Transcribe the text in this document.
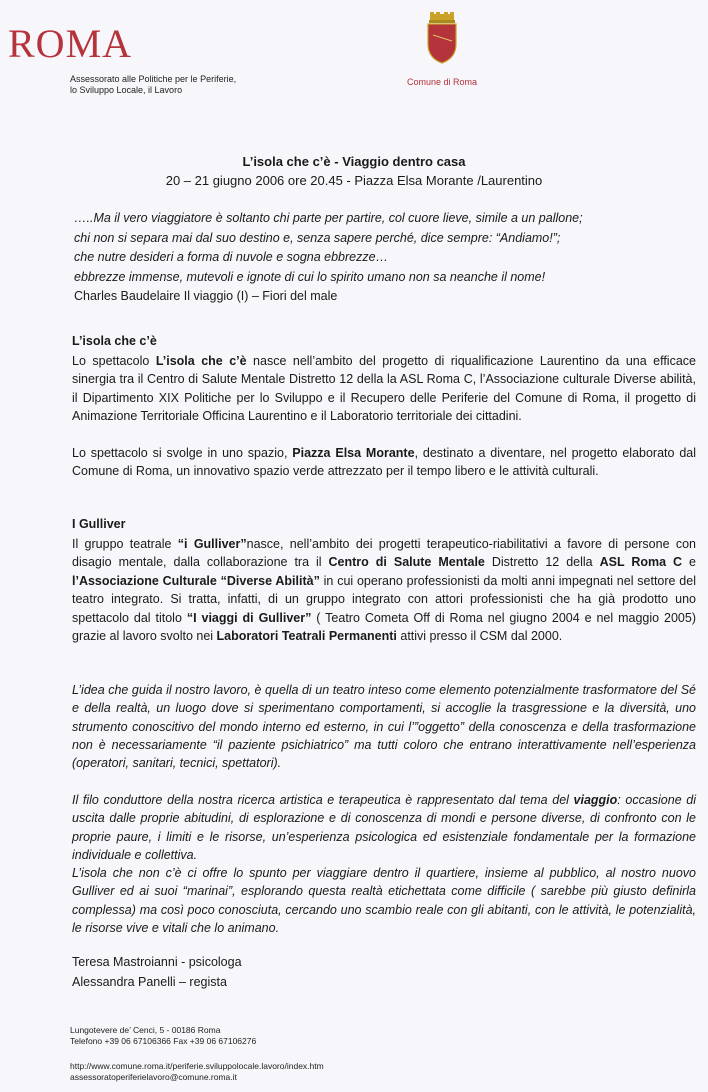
ROMA
Assessorato alle Politiche per le Periferie,
lo Sviluppo Locale, il Lavoro
Comune di Roma
L’isola che c’è - Viaggio dentro casa
20 – 21 giugno 2006 ore 20.45 - Piazza Elsa Morante /Laurentino
…..Ma il vero viaggiatore è soltanto chi parte per partire, col cuore lieve, simile a un pallone;
chi non si separa mai dal suo destino e, senza sapere perché, dice sempre: “Andiamo!”;
che nutre desideri a forma di nuvole e sogna ebbrezze…
ebbrezze immense, mutevoli e ignote di cui lo spirito umano non sa neanche il nome!
Charles Baudelaire Il viaggio (I) – Fiori del male
L’isola che c’è
Lo spettacolo L’isola che c’è nasce nell’ambito del progetto di riqualificazione Laurentino da una efficace sinergia tra il Centro di Salute Mentale Distretto 12 della la ASL Roma C, l’Associazione culturale Diverse abilità, il Dipartimento XIX Politiche per lo Sviluppo e il Recupero delle Periferie del Comune di Roma, il progetto di Animazione Territoriale Officina Laurentino e il Laboratorio territoriale dei cittadini.
Lo spettacolo si svolge in uno spazio, Piazza Elsa Morante, destinato a diventare, nel progetto elaborato dal Comune di Roma, un innovativo spazio verde attrezzato per il tempo libero e le attività culturali.
I Gulliver
Il gruppo teatrale “i Gulliver”nasce, nell’ambito dei progetti terapeutico-riabilitativi a favore di persone con disagio mentale, dalla collaborazione tra il Centro di Salute Mentale Distretto 12 della ASL Roma C e l’Associazione Culturale “Diverse Abilità” in cui operano professionisti da molti anni impegnati nel settore del teatro integrato. Si tratta, infatti, di un gruppo integrato con attori professionisti che ha già prodotto uno spettacolo dal titolo “I viaggi di Gulliver” ( Teatro Cometa Off di Roma nel giugno 2004 e nel maggio 2005) grazie al lavoro svolto nei Laboratori Teatrali Permanenti attivi presso il CSM dal 2000.
L’idea che guida il nostro lavoro, è quella di un teatro inteso come elemento potenzialmente trasformatore del Sé e della realtà, un luogo dove si sperimentano comportamenti, si accoglie la trasgressione e la diversità, uno strumento conoscitivo del mondo interno ed esterno, in cui l’”oggetto” della conoscenza e della trasformazione non è necessariamente “il paziente psichiatrico” ma tutti coloro che entrano interattivamente nell’esperienza (operatori, sanitari, tecnici, spettatori).
Il filo conduttore della nostra ricerca artistica e terapeutica è rappresentato dal tema del viaggio: occasione di uscita dalle proprie abitudini, di esplorazione e di conoscenza di mondi e persone diverse, di confronto con le proprie paure, i limiti e le risorse, un’esperienza psicologica ed esistenziale fondamentale per la formazione individuale e collettiva.
L’isola che non c’è ci offre lo spunto per viaggiare dentro il quartiere, insieme al pubblico, al nostro nuovo Gulliver ed ai suoi “marinai”, esplorando questa realtà etichettata come difficile ( sarebbe più giusto definirla complessa) ma così poco conosciuta, cercando uno scambio reale con gli abitanti, con le attività, le potenzialità, le risorse vive e vitali che lo animano.
Teresa Mastroianni - psicologa
Alessandra Panelli – regista
Lungotevere de’ Cenci, 5 - 00186 Roma
Telefono +39 06 67106366 Fax +39 06 67106276
http://www.comune.roma.it/periferie.sviluppolocale.lavoro/index.htm
assessoratoperiferielavoro@comune.roma.it
